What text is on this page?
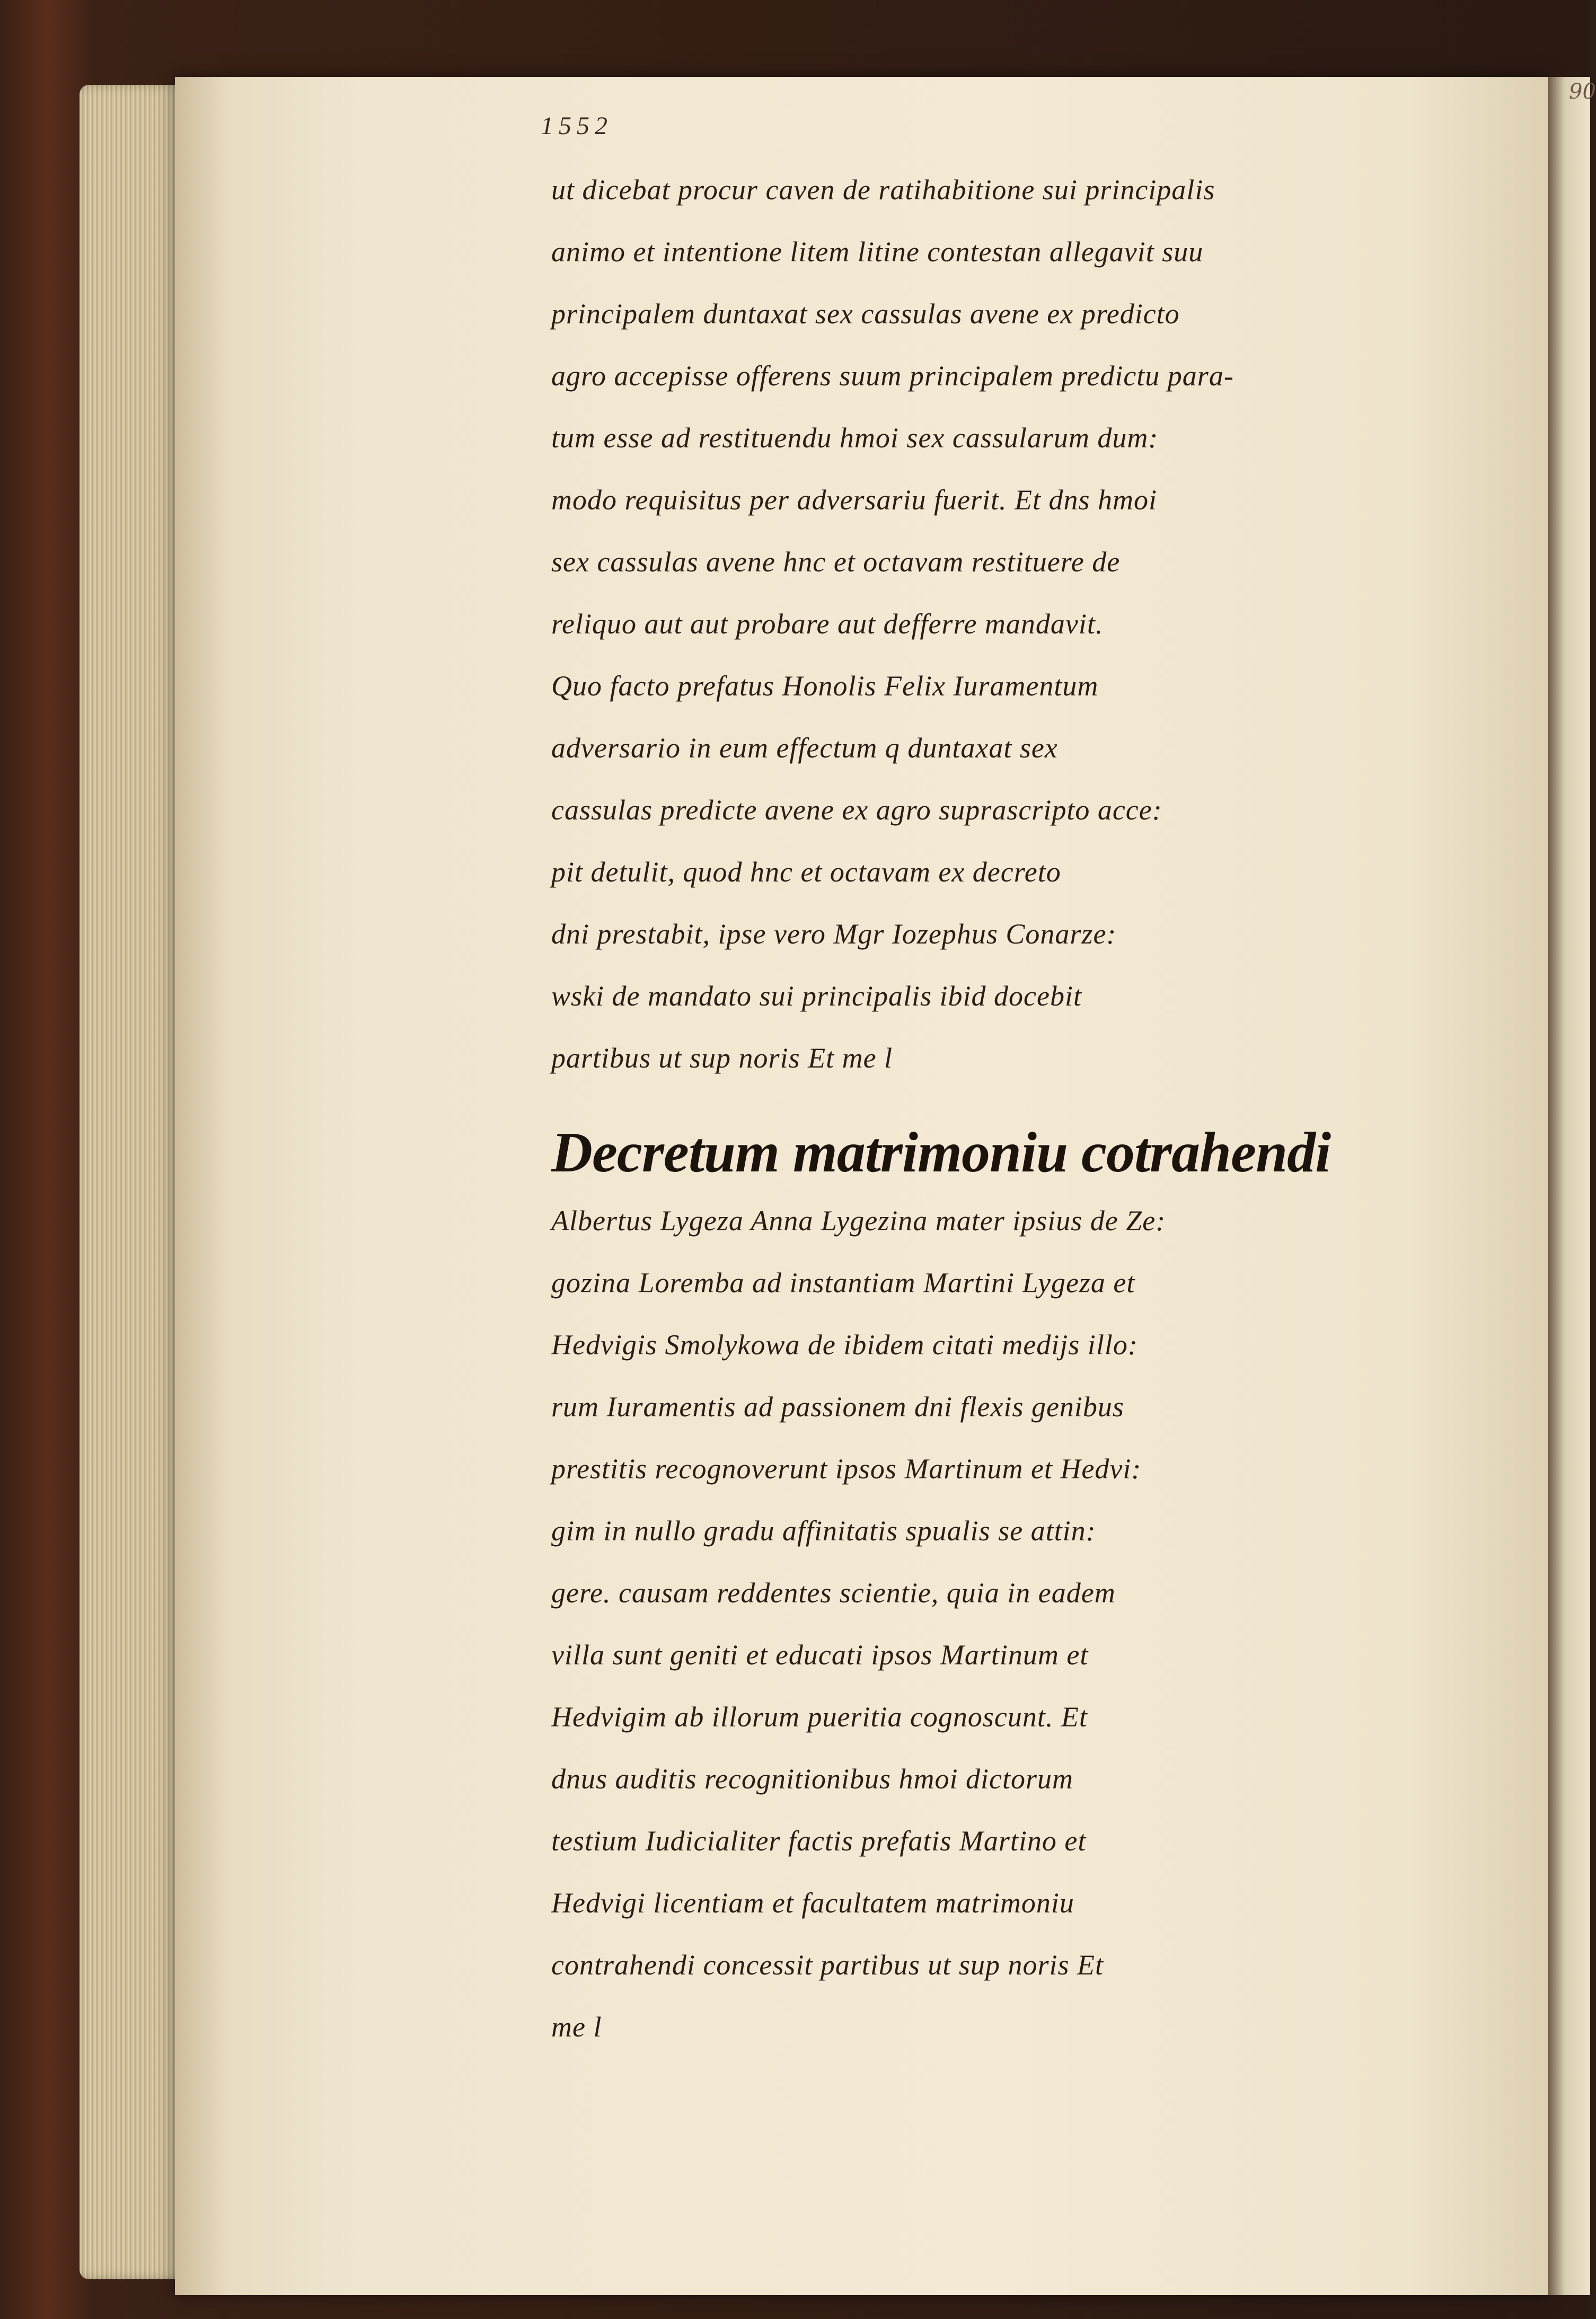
90
1552
ut dicebat procur caven de ratihabitione sui principalis
animo et intentione litem litine contestan allegavit suu
principalem duntaxat sex cassulas avene ex predicto
agro accepisse offerens suum principalem predictu para-
tum esse ad restituendu hmoi sex cassularum dum:
modo requisitus per adversariu fuerit. Et dns hmoi
sex cassulas avene hnc et octavam restituere de
reliquo aut aut probare aut defferre mandavit.
Quo facto prefatus Honolis Felix Iuramentum
adversario in eum effectum q duntaxat sex
cassulas predicte avene ex agro suprascripto acce:
pit detulit, quod hnc et octavam ex decreto
dni prestabit, ipse vero Mgr Iozephus Conarze:
wski de mandato sui principalis ibid docebit
partibus ut sup noris Et me l
Decretum matrimoniu cotrahendi
Albertus Lygeza Anna Lygezina mater ipsius de Ze:
gozina Lorembа ad instantiam Martini Lygeza et
Hedvigis Smolykowa de ibidem citati medijs illo:
rum Iuramentis ad passionem dni flexis genibus
prestitis recognoverunt ipsos Martinum et Hedvi:
gim in nullo gradu affinitatis spualis se attin:
gere. causam reddentes scientie, quia in eadem
villa sunt geniti et educati ipsos Martinum et
Hedvigim ab illorum pueritia cognoscunt. Et
dnus auditis recognitionibus hmoi dictorum
testium Iudicialiter factis prefatis Martino et
Hedvigi licentiam et facultatem matrimoniu
contrahendi concessit partibus ut sup noris Et
me l
